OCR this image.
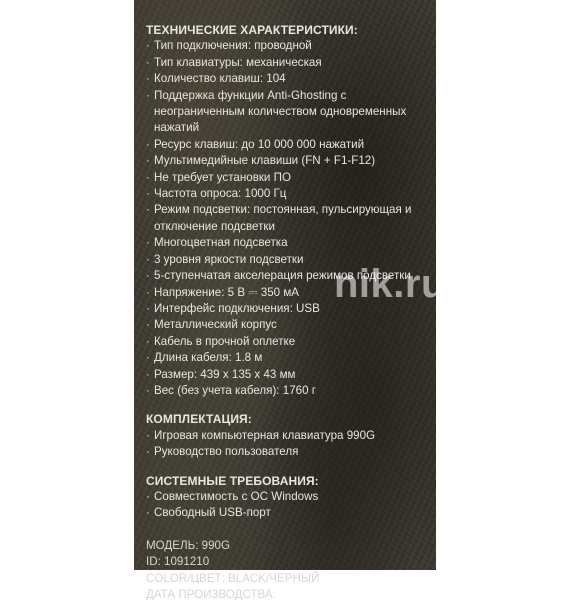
ТЕХНИЧЕСКИЕ ХАРАКТЕРИСТИКИ:

· Тип подключения: проводной
· Тип клавиатуры: механическая
· Количество клавиш: 104
· Поддержка функции Anti-Ghosting с неограниченным количеством одновременных нажатий
· Ресурс клавиш: до 10 000 000 нажатий
· Мультимедийные клавиши (FN + F1-F12)
· Не требует установки ПО
· Частота опроса: 1000 Гц
· Режим подсветки: постоянная, пульсирующая и отключение подсветки
· Многоцветная подсветка
· 3 уровня яркости подсветки
· 5-ступенчатая акселерация режимов подсветки
· Напряжение: 5 В ⎓ 350 мА
· Интерфейс подключения: USB
· Металлический корпус
· Кабель в прочной оплетке
· Длина кабеля: 1.8 м
· Размер: 439 x 135 x 43 мм
· Вес (без учета кабеля): 1760 г

КОМПЛЕКТАЦИЯ:

· Игровая компьютерная клавиатура 990G
· Руководство пользователя

СИСТЕМНЫЕ ТРЕБОВАНИЯ:

· Совместимость с ОС Windows
· Свободный USB-порт

МОДЕЛЬ: 990G

ID: 1091210

COLOR/ЦВЕТ: BLACK/ЧЕРНЫЙ

ДАТА ПРОИЗВОДСТВА:

nik.ru
